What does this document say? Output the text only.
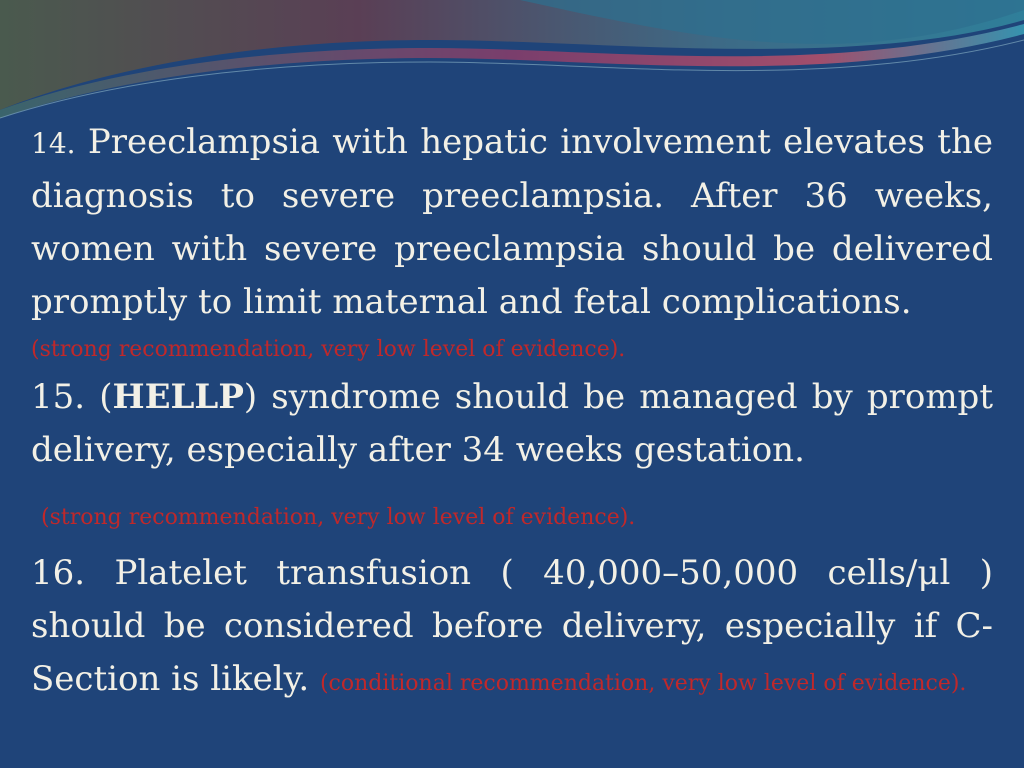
14. Preeclampsia with hepatic involvement elevates the diagnosis to severe preeclampsia. After 36 weeks, women with severe preeclampsia should be delivered promptly to limit maternal and fetal complications.

(strong recommendation, very low level of evidence).

15. (HELLP) syndrome should be managed by prompt delivery, especially after 34 weeks gestation.

(strong recommendation, very low level of evidence).

16. Platelet transfusion ( 40,000–50,000 cells/μl ) should be considered before delivery, especially if C-Section is likely. (conditional recommendation, very low level of evidence).
